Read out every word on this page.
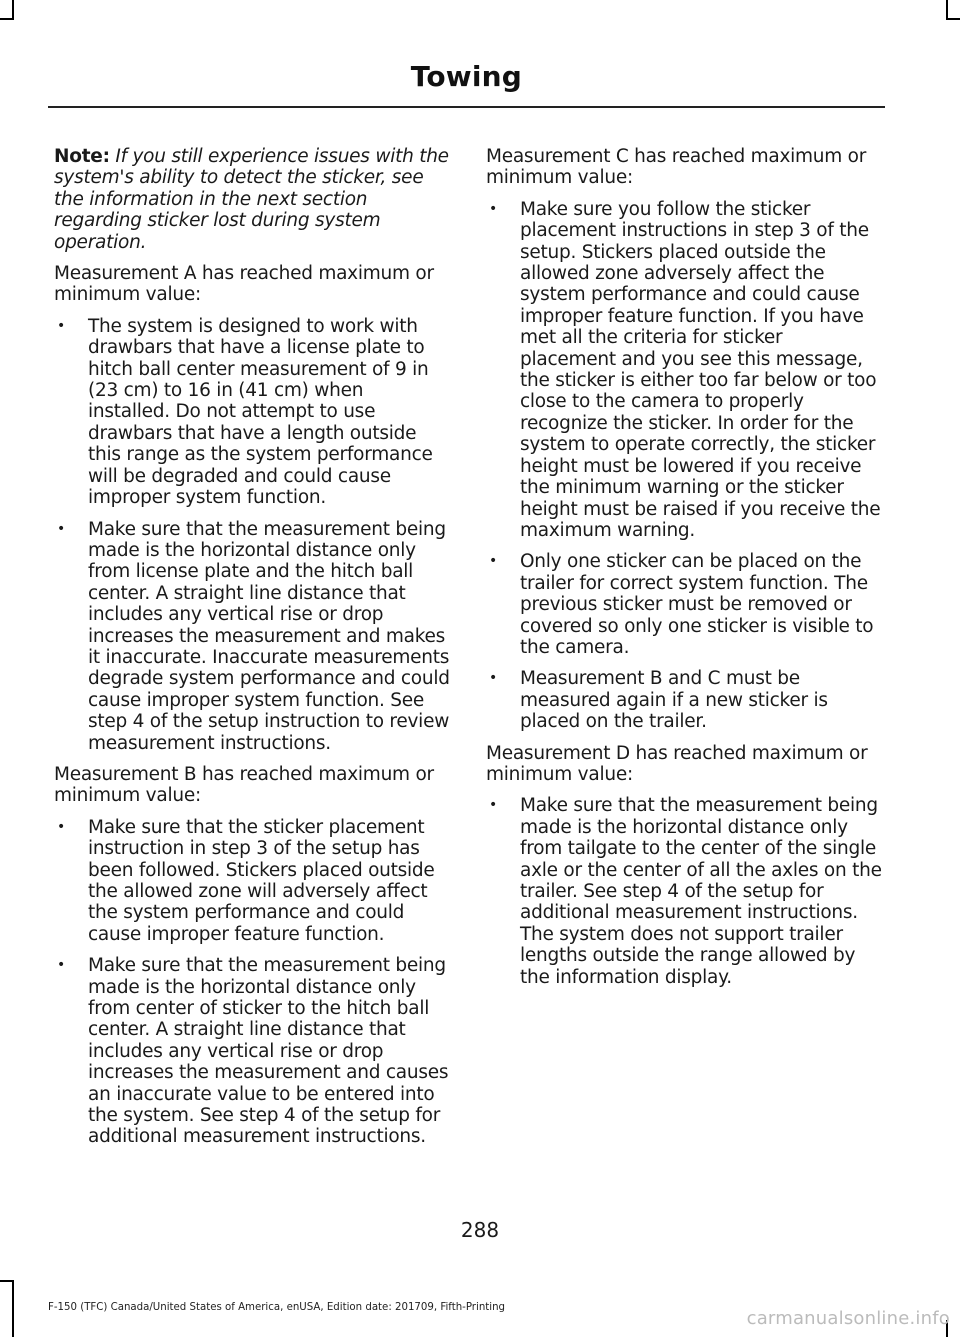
Towing

Note: If you still experience issues with the system's ability to detect the sticker, see the information in the next section regarding sticker lost during system operation.

Measurement A has reached maximum or minimum value:

• The system is designed to work with drawbars that have a license plate to hitch ball center measurement of 9 in (23 cm) to 16 in (41 cm) when installed. Do not attempt to use drawbars that have a length outside this range as the system performance will be degraded and could cause improper system function.
• Make sure that the measurement being made is the horizontal distance only from license plate and the hitch ball center. A straight line distance that includes any vertical rise or drop increases the measurement and makes it inaccurate. Inaccurate measurements degrade system performance and could cause improper system function. See step 4 of the setup instruction to review measurement instructions.

Measurement B has reached maximum or minimum value:

• Make sure that the sticker placement instruction in step 3 of the setup has been followed. Stickers placed outside the allowed zone will adversely affect the system performance and could cause improper feature function.
• Make sure that the measurement being made is the horizontal distance only from center of sticker to the hitch ball center. A straight line distance that includes any vertical rise or drop increases the measurement and causes an inaccurate value to be entered into the system. See step 4 of the setup for additional measurement instructions.

Measurement C has reached maximum or minimum value:

• Make sure you follow the sticker placement instructions in step 3 of the setup. Stickers placed outside the allowed zone adversely affect the system performance and could cause improper feature function. If you have met all the criteria for sticker placement and you see this message, the sticker is either too far below or too close to the camera to properly recognize the sticker. In order for the system to operate correctly, the sticker height must be lowered if you receive the minimum warning or the sticker height must be raised if you receive the maximum warning.
• Only one sticker can be placed on the trailer for correct system function. The previous sticker must be removed or covered so only one sticker is visible to the camera.
• Measurement B and C must be measured again if a new sticker is placed on the trailer.

Measurement D has reached maximum or minimum value:

• Make sure that the measurement being made is the horizontal distance only from tailgate to the center of the single axle or the center of all the axles on the trailer. See step 4 of the setup for additional measurement instructions. The system does not support trailer lengths outside the range allowed by the information display.
288
F-150 (TFC) Canada/United States of America, enUSA, Edition date: 201709, Fifth-Printing
carmanualsonline.info
